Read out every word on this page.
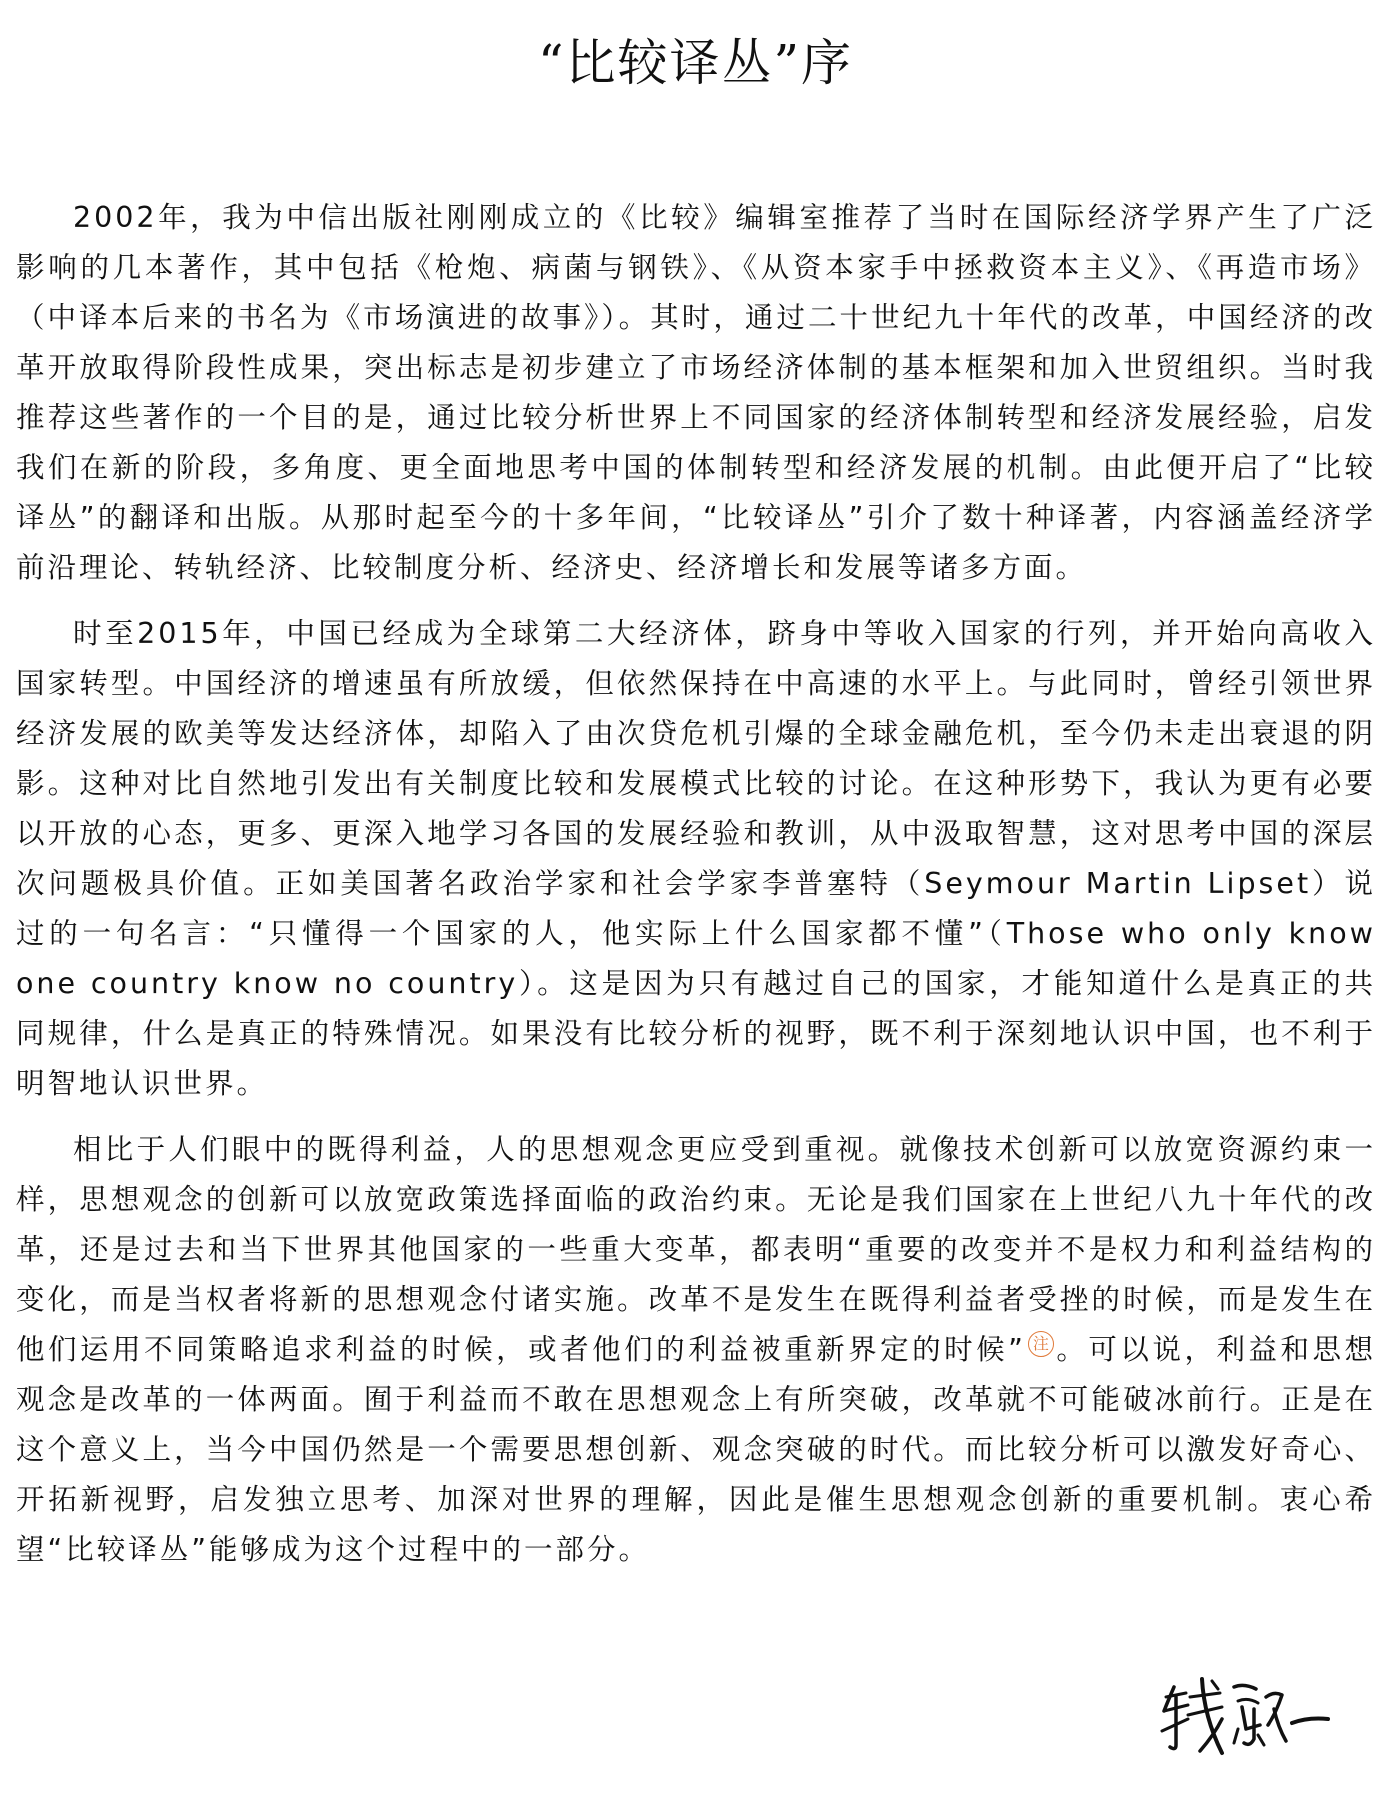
“比较译丛”序

2002年，我为中信出版社刚刚成立的《比较》编辑室推荐了当时在国际经济学界产生了广泛影响的几本著作，其中包括《枪炮、病菌与钢铁》、《从资本家手中拯救资本主义》、《再造市场》（中译本后来的书名为《市场演进的故事》）。其时，通过二十世纪九十年代的改革，中国经济的改革开放取得阶段性成果，突出标志是初步建立了市场经济体制的基本框架和加入世贸组织。当时我推荐这些著作的一个目的是，通过比较分析世界上不同国家的经济体制转型和经济发展经验，启发我们在新的阶段，多角度、更全面地思考中国的体制转型和经济发展的机制。由此便开启了“比较译丛”的翻译和出版。从那时起至今的十多年间，“比较译丛”引介了数十种译著，内容涵盖经济学前沿理论、转轨经济、比较制度分析、经济史、经济增长和发展等诸多方面。

时至2015年，中国已经成为全球第二大经济体，跻身中等收入国家的行列，并开始向高收入国家转型。中国经济的增速虽有所放缓，但依然保持在中高速的水平上。与此同时，曾经引领世界经济发展的欧美等发达经济体，却陷入了由次贷危机引爆的全球金融危机，至今仍未走出衰退的阴影。这种对比自然地引发出有关制度比较和发展模式比较的讨论。在这种形势下，我认为更有必要以开放的心态，更多、更深入地学习各国的发展经验和教训，从中汲取智慧，这对思考中国的深层次问题极具价值。正如美国著名政治学家和社会学家李普塞特（Seymour Martin Lipset）说过的一句名言：“只懂得一个国家的人，他实际上什么国家都不懂”（Those who only know one country know no country）。这是因为只有越过自己的国家，才能知道什么是真正的共同规律，什么是真正的特殊情况。如果没有比较分析的视野，既不利于深刻地认识中国，也不利于明智地认识世界。

相比于人们眼中的既得利益，人的思想观念更应受到重视。就像技术创新可以放宽资源约束一样，思想观念的创新可以放宽政策选择面临的政治约束。无论是我们国家在上世纪八九十年代的改革，还是过去和当下世界其他国家的一些重大变革，都表明“重要的改变并不是权力和利益结构的变化，而是当权者将新的思想观念付诸实施。改革不是发生在既得利益者受挫的时候，而是发生在他们运用不同策略追求利益的时候，或者他们的利益被重新界定的时候” 注 。可以说，利益和思想观念是改革的一体两面。囿于利益而不敢在思想观念上有所突破，改革就不可能破冰前行。正是在这个意义上，当今中国仍然是一个需要思想创新、观念突破的时代。而比较分析可以激发好奇心、开拓新视野，启发独立思考、加深对世界的理解，因此是催生思想观念创新的重要机制。衷心希望“比较译丛”能够成为这个过程中的一部分。
